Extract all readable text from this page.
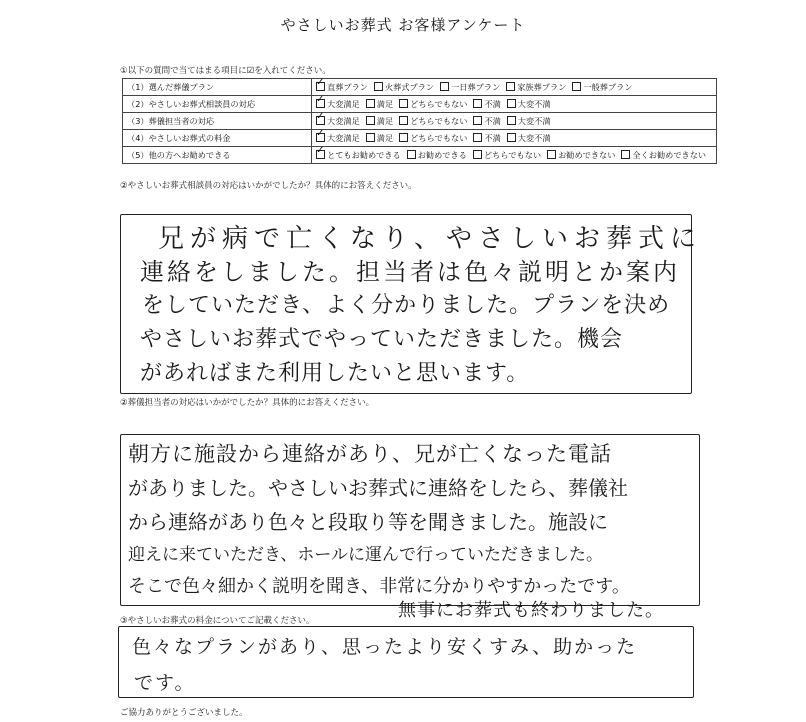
やさしいお葬式 お客様アンケート
①以下の質問で当てはまる項目に☑を入れてください。
（1）選んだ葬儀プラン	✓直葬プラン 火葬式プラン 一日葬プラン 家族葬プラン 一般葬プラン
（2）やさしいお葬式相談員の対応	✓大変満足 満足 どちらでもない 不満 大変不満
（3）葬儀担当者の対応	✓大変満足 満足 どちらでもない 不満 大変不満
（4）やさしいお葬式の料金	✓大変満足 満足 どちらでもない 不満 大変不満
（5）他の方へお勧めできる	✓とてもお勧めできる お勧めできる どちらでもない お勧めできない 全くお勧めできない
②やさしいお葬式相談員の対応はいかがでしたか？具体的にお答えください。
兄が病で亡くなり、やさしいお葬式に
連絡をしました。担当者は色々説明とか案内
をしていただき、よく分かりました。プランを決め
やさしいお葬式でやっていただきました。機会
があればまた利用したいと思います。
②葬儀担当者の対応はいかがでしたか？具体的にお答えください。
朝方に施設から連絡があり、兄が亡くなった電話
がありました。やさしいお葬式に連絡をしたら、葬儀社
から連絡があり色々と段取り等を聞きました。施設に
迎えに来ていただき、ホールに運んで行っていただきました。
そこで色々細かく説明を聞き、非常に分かりやすかったです。
無事にお葬式も終わりました。
③やさしいお葬式の料金についてご記載ください。
色々なプランがあり、思ったより安くすみ、助かった
です。
ご協力ありがとうございました。
